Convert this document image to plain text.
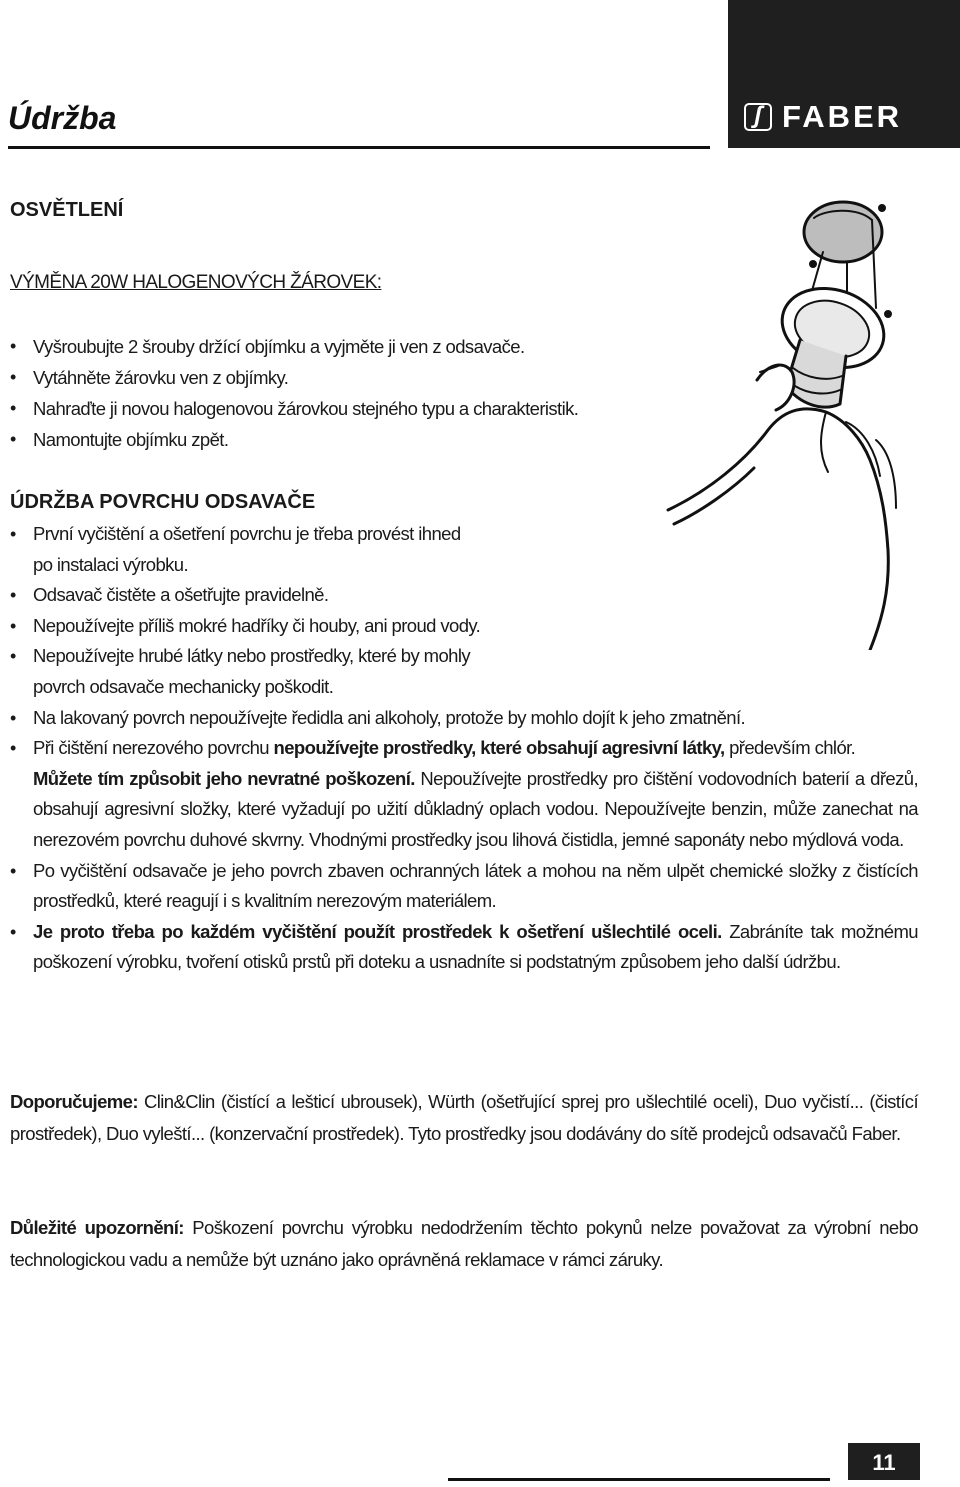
Údržba	ʃ FABER
OSVĚTLENÍ
VÝMĚNA 20W HALOGENOVÝCH ŽÁROVEK:
• Vyšroubujte 2 šrouby držící objímku a vyjměte ji ven z odsavače.
• Vytáhněte žárovku ven z objímky.
• Nahraďte ji novou halogenovou žárovkou stejného typu a charakteristik.
• Namontujte objímku zpět.
ÚDRŽBA POVRCHU ODSAVAČE
• První vyčištění a ošetření povrchu je třeba provést ihned
po instalaci výrobku.
• Odsavač čistěte a ošetřujte pravidelně.
• Nepoužívejte příliš mokré hadříky či houby, ani proud vody.
• Nepoužívejte hrubé látky nebo prostředky, které by mohly
povrch odsavače mechanicky poškodit.
• Na lakovaný povrch nepoužívejte ředidla ani alkoholy, protože by mohlo dojít k jeho zmatnění.
• Při čištění nerezového povrchu nepoužívejte prostředky, které obsahují agresivní látky, především chlór.
Můžete tím způsobit jeho nevratné poškození. Nepoužívejte prostředky pro čištění vodovodních baterií a dřezů, obsahují agresivní složky, které vyžadují po užití důkladný oplach vodou. Nepoužívejte benzin, může zanechat na nerezovém povrchu duhové skvrny. Vhodnými prostředky jsou lihová čistidla, jemné saponáty nebo mýdlová voda.
• Po vyčištění odsavače je jeho povrch zbaven ochranných látek a mohou na něm ulpět chemické složky z čistících prostředků, které reagují i s kvalitním nerezovým materiálem.
• Je proto třeba po každém vyčištění použít prostředek k ošetření ušlechtilé oceli. Zabráníte tak možnému poškození výrobku, tvoření otisků prstů při doteku a usnadníte si podstatným způsobem jeho další údržbu.

Doporučujeme: Clin&Clin (čistící a lešticí ubrousek), Würth (ošetřující sprej pro ušlechtilé oceli), Duo vyčistí... (čistící prostředek), Duo vyleští... (konzervační prostředek). Tyto prostředky jsou dodávány do sítě prodejců odsavačů Faber.

Důležité upozornění: Poškození povrchu výrobku nedodržením těchto pokynů nelze považovat za výrobní nebo technologickou vadu a nemůže být uznáno jako oprávněná reklamace v rámci záruky.

11
